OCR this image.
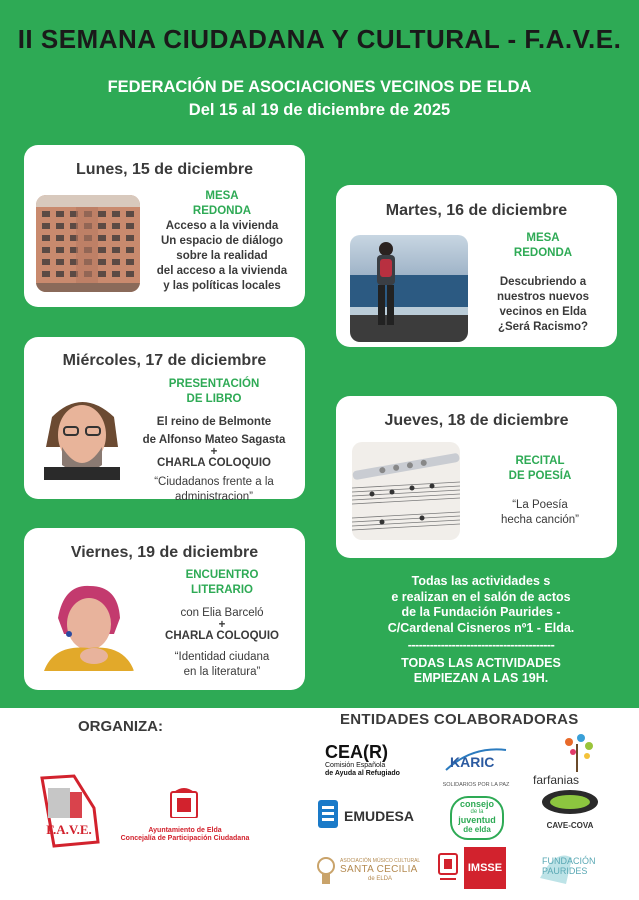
II SEMANA CIUDADANA Y CULTURAL - F.A.V.E.
FEDERACIÓN DE ASOCIACIONES VECINOS DE ELDA
Del 15 al 19 de diciembre de 2025
Lunes, 15 de diciembre
MESA
REDONDA
Acceso a la vivienda
Un espacio de diálogo
sobre la realidad
del acceso a la vivienda
y las políticas locales
Martes, 16 de diciembre
MESA
REDONDA
Descubriendo a
nuestros nuevos
vecinos en Elda
¿Será Racismo?
Miércoles, 17 de diciembre
PRESENTACIÓN
DE LIBRO
El reino de Belmonte
de Alfonso Mateo Sagasta
+
CHARLA COLOQUIO
“Ciudadanos frente a la
administracion”
Jueves, 18 de diciembre
RECITAL
DE POESÍA
“La Poesía
hecha canción”
Viernes, 19 de diciembre
ENCUENTRO
LITERARIO
con Elia Barceló
+
CHARLA COLOQUIO
“Identidad ciudana
en la literatura”
Todas las actividades s
e realizan en el salón de actos
de la Fundación Paurides -
C/Cardenal Cisneros nº1 - Elda.
----------------------------------------
TODAS LAS ACTIVIDADES
EMPIEZAN A LAS 19H.
ORGANIZA:	ENTIDADES COLABORADORAS
F.A.V.E.	Ayuntamiento de Elda
Concejalía de Participación Ciudadana
CEA(R)
Comisión Española
de Ayuda al Refugiado
KARIC
SOLIDARIOS POR LA PAZ farfanias
EMUDESA
consejo
de la
juventud
de elda	CAVE-COVA
ASOCIACIÓN MÚSICO CULTURAL
SANTA CECILIA
de ELDA
IMSSE
FUNDACIÓN
PAURIDES
